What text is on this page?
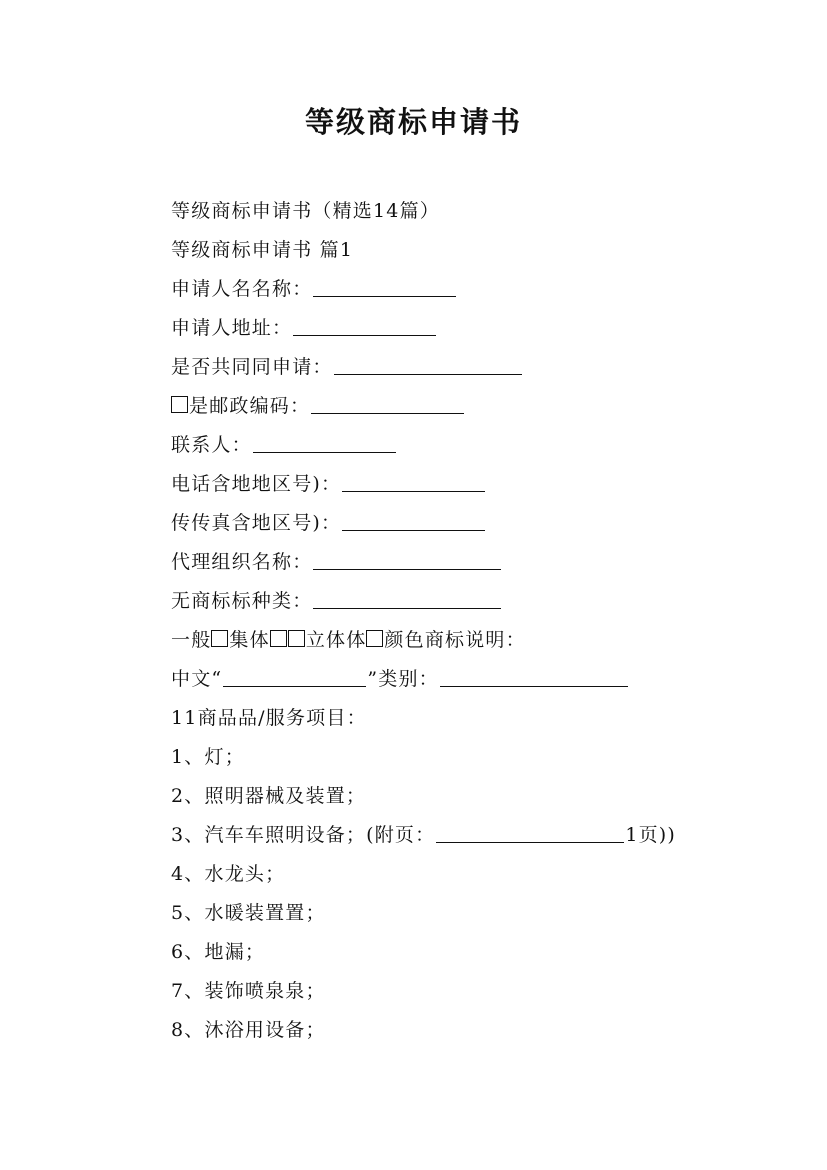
等级商标申请书
等级商标申请书（精选14篇）
等级商标申请书 篇1
申请人名名称：
申请人地址：
是否共同同申请：
是邮政编码：
联系人：
电话含地地区号)：
传传真含地区号)：
代理组织名称：
无商标标种类：
一般 集体 立体体 颜色商标说明：
中文“	”类别：
11商品品/服务项目：
1、灯；
2、照明器械及装置；
3、汽车车照明设备；(附页：	1页))
4、水龙头；
5、水暖装置置；
6、地漏；
7、装饰喷泉泉；
8、沐浴用设备；
